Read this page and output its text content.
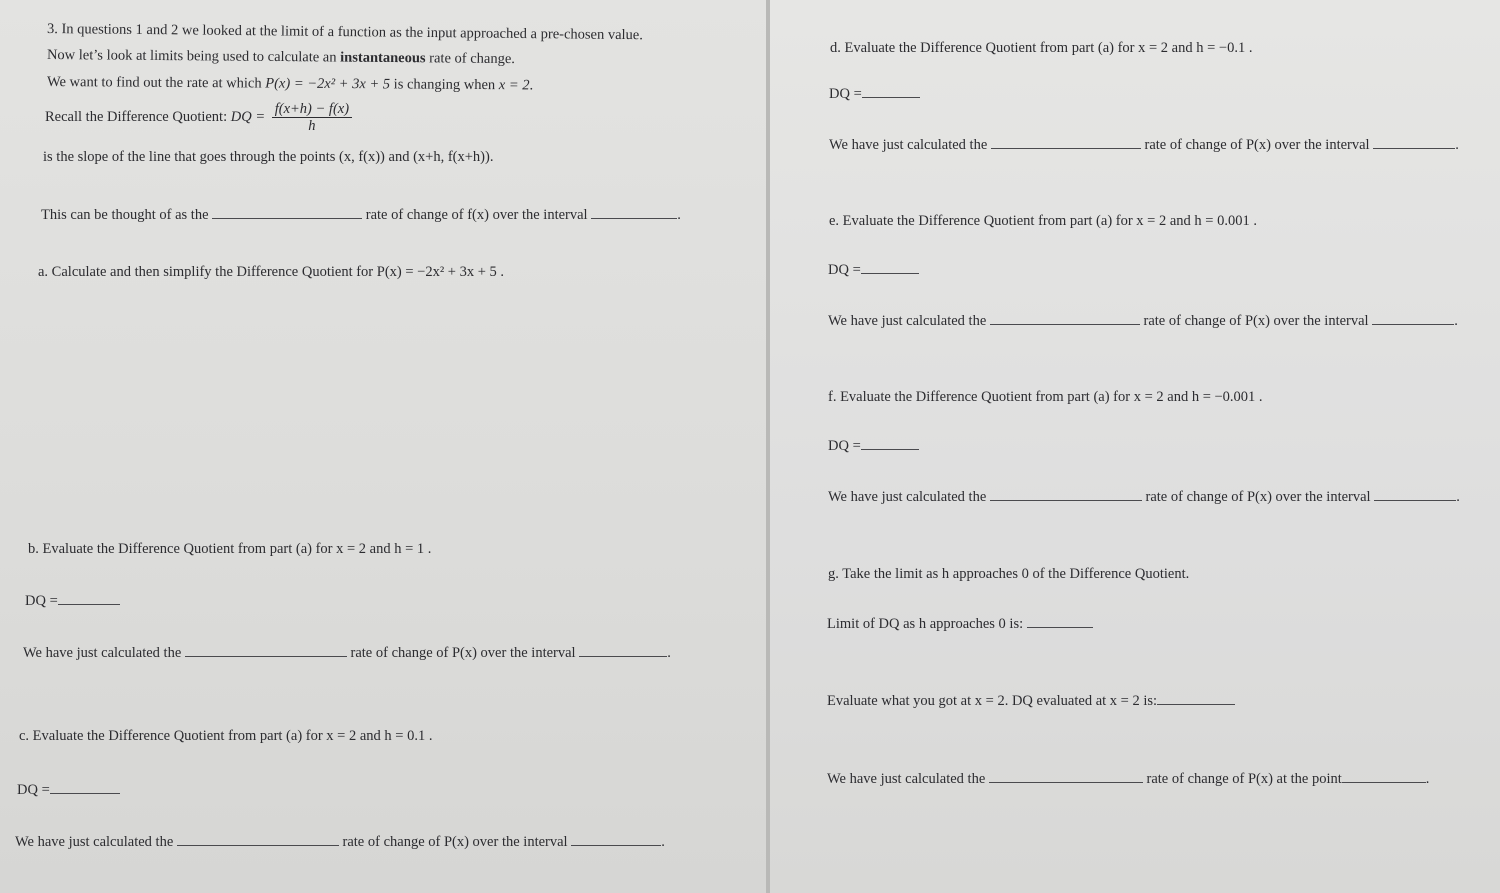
3. In questions 1 and 2 we looked at the limit of a function as the input approached a pre-chosen value.
Now let’s look at limits being used to calculate an instantaneous rate of change.
We want to find out the rate at which P(x) = −2x² + 3x + 5 is changing when x = 2.
Recall the Difference Quotient: DQ = $\frac{f(x+h) - f(x)}{h}$
is the slope of the line that goes through the points (x, f(x)) and (x+h, f(x+h)).
This can be thought of as the	rate of change of f(x) over the interval	.
a. Calculate and then simplify the Difference Quotient for P(x) = −2x² + 3x + 5 .
b. Evaluate the Difference Quotient from part (a) for x = 2 and h = 1 .
DQ =
We have just calculated the	rate of change of P(x) over the interval	.
c. Evaluate the Difference Quotient from part (a) for x = 2 and h = 0.1 .
DQ =
We have just calculated the	rate of change of P(x) over the interval	.
d. Evaluate the Difference Quotient from part (a) for x = 2 and h = −0.1 .
DQ =
We have just calculated the	rate of change of P(x) over the interval	.
e. Evaluate the Difference Quotient from part (a) for x = 2 and h = 0.001 .
DQ =
We have just calculated the	rate of change of P(x) over the interval	.
f. Evaluate the Difference Quotient from part (a) for x = 2 and h = −0.001 .
DQ =
We have just calculated the	rate of change of P(x) over the interval	.
g. Take the limit as h approaches 0 of the Difference Quotient.
Limit of DQ as h approaches 0 is:
Evaluate what you got at x = 2. DQ evaluated at x = 2 is:
We have just calculated the	rate of change of P(x) at the point	.
